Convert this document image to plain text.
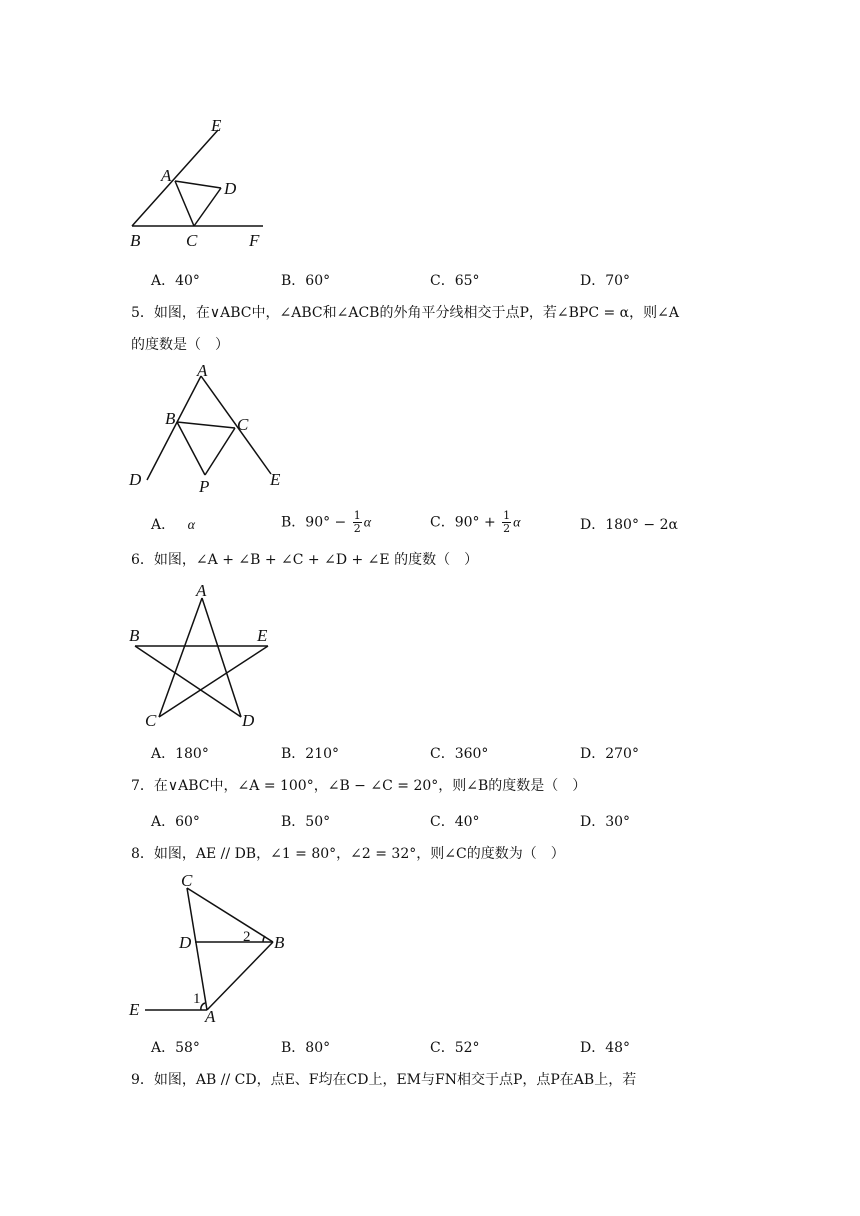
E
A
D
B	C	F
A．40°	B．60°	C．65°	D．70°
5．如图，在∨ABC中，∠ABC和∠ACB的外角平分线相交于点P，若∠BPC = α，则∠A
的度数是（　）
A
B	C
D	E
P
A． α	B．$90^\circ - \frac{1}{2}$ α	C．$90^\circ + \frac{1}{2}$ α	D．180° − 2α
6．如图，∠A + ∠B + ∠C + ∠D + ∠E 的度数（　）
A
B	E
C	D
A．180°	B．210°	C．360°	D．270°
7．在∨ABC中，∠A = 100°，∠B − ∠C = 20°，则∠B的度数是（　）
A．60°	B．50°	C．40°	D．30°
8．如图，AE // DB，∠1 = 80°，∠2 = 32°，则∠C的度数为（　）
C
D	B
2
1
E	A
A．58°	B．80°	C．52°	D．48°
9．如图，AB // CD，点E、F均在CD上，EM与FN相交于点P，点P在AB上，若
